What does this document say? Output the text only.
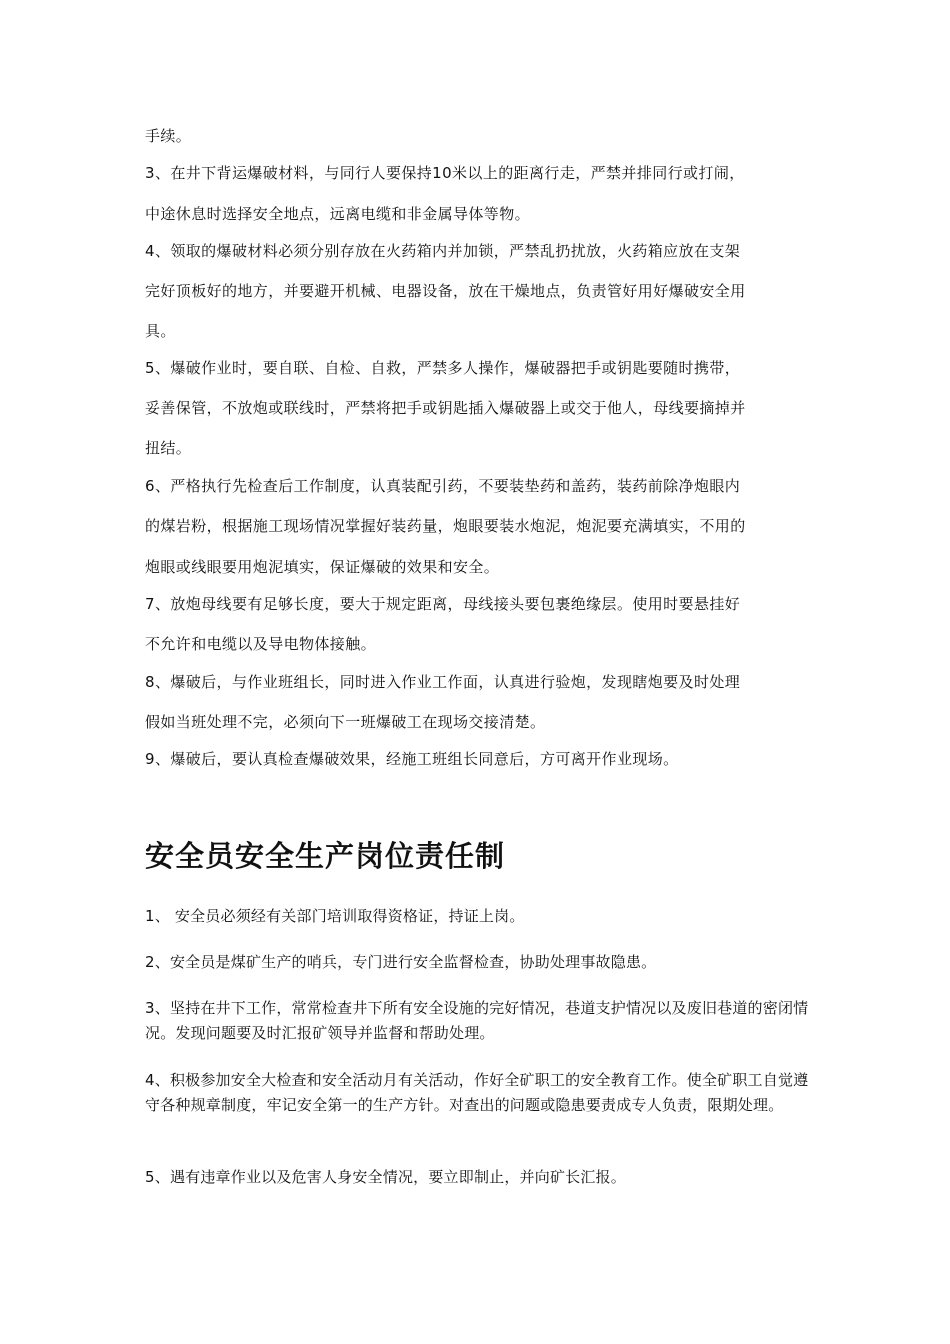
手续。
3、在井下背运爆破材料，与同行人要保持10米以上的距离行走，严禁并排同行或打闹，
中途休息时选择安全地点，远离电缆和非金属导体等物。
4、领取的爆破材料必须分别存放在火药箱内并加锁，严禁乱扔扰放，火药箱应放在支架
完好顶板好的地方，并要避开机械、电器设备，放在干燥地点，负责管好用好爆破安全用
具。
5、爆破作业时，要自联、自检、自救，严禁多人操作，爆破器把手或钥匙要随时携带，
妥善保管，不放炮或联线时，严禁将把手或钥匙插入爆破器上或交于他人，母线要摘掉并
扭结。
6、严格执行先检查后工作制度，认真装配引药，不要装垫药和盖药，装药前除净炮眼内
的煤岩粉，根据施工现场情况掌握好装药量，炮眼要装水炮泥，炮泥要充满填实，不用的
炮眼或线眼要用炮泥填实，保证爆破的效果和安全。
7、放炮母线要有足够长度，要大于规定距离，母线接头要包裹绝缘层。使用时要悬挂好
不允许和电缆以及导电物体接触。
8、爆破后，与作业班组长，同时进入作业工作面，认真进行验炮，发现瞎炮要及时处理
假如当班处理不完，必须向下一班爆破工在现场交接清楚。
9、爆破后，要认真检查爆破效果，经施工班组长同意后，方可离开作业现场。
安全员安全生产岗位责任制
1、 安全员必须经有关部门培训取得资格证，持证上岗。
2、安全员是煤矿生产的哨兵，专门进行安全监督检查，协助处理事故隐患。
3、坚持在井下工作，常常检查井下所有安全设施的完好情况，巷道支护情况以及废旧巷道的密闭情况。发现问题要及时汇报矿领导并监督和帮助处理。
4、积极参加安全大检查和安全活动月有关活动，作好全矿职工的安全教育工作。使全矿职工自觉遵守各种规章制度，牢记安全第一的生产方针。对查出的问题或隐患要责成专人负责，限期处理。
5、遇有违章作业以及危害人身安全情况，要立即制止，并向矿长汇报。
